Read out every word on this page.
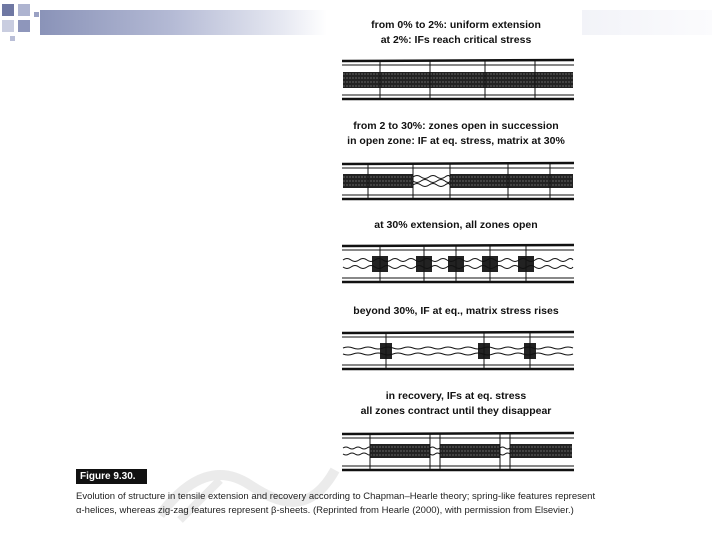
from 0% to 2%: uniform extension
at 2%: IFs reach critical stress
from 2 to 30%: zones open in succession
in open zone: IF at eq. stress, matrix at 30%
at 30% extension, all zones open
beyond 30%, IF at eq., matrix stress rises
in recovery, IFs at eq. stress
all zones contract until they disappear
Figure 9.30.
Evolution of structure in tensile extension and recovery according to Chapman–Hearle theory; spring-like features represent α-helices, whereas zig-zag features represent β-sheets. (Reprinted from Hearle (2000), with permission from Elsevier.)
